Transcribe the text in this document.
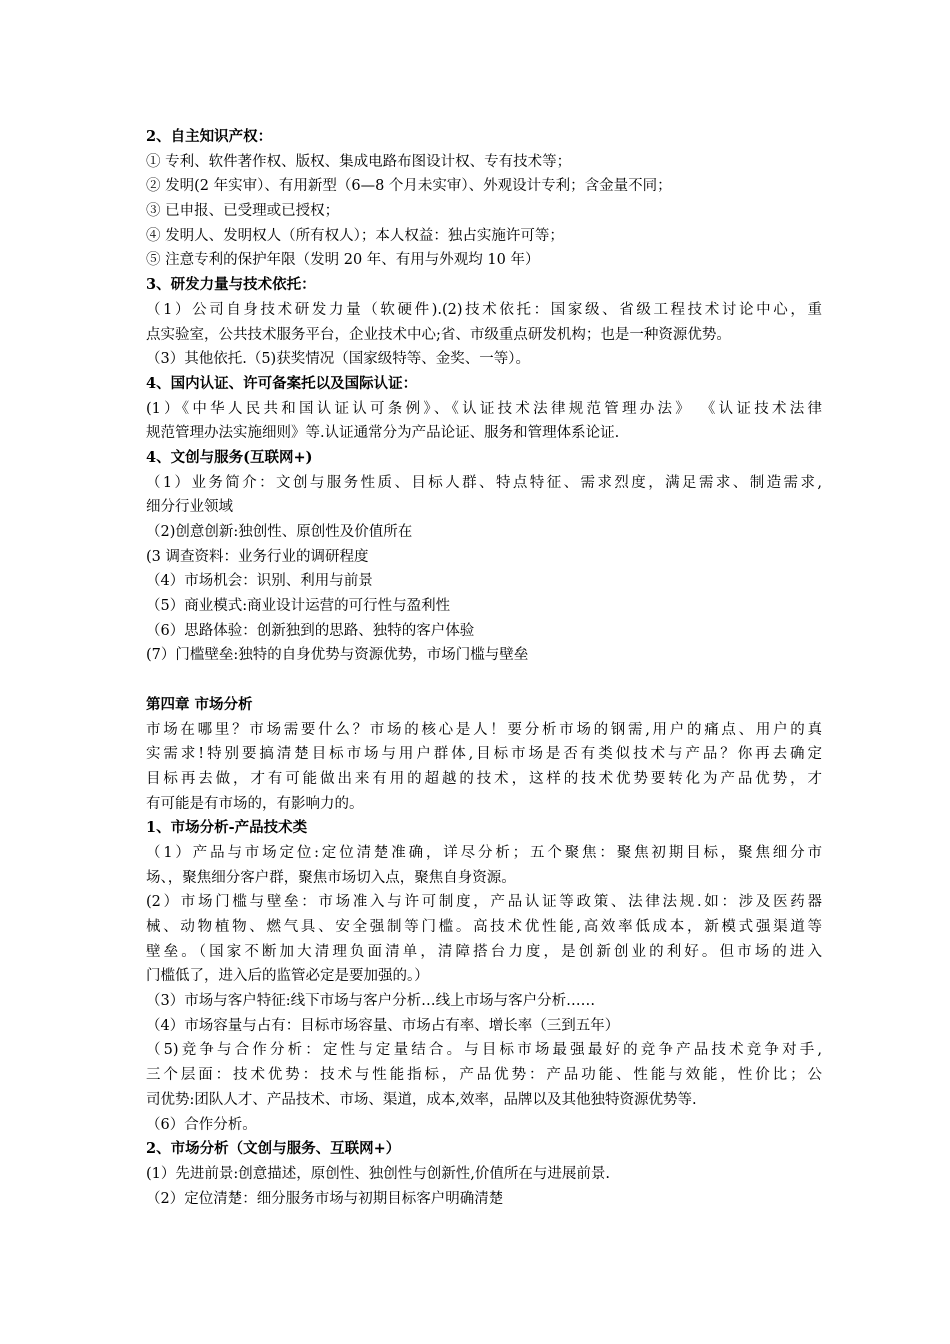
2、自主知识产权：
① 专利、软件著作权、版权、集成电路布图设计权、专有技术等；
② 发明(2 年实审）、有用新型（6—8 个月未实审）、外观设计专利；含金量不同；
③ 已申报、已受理或已授权；
④ 发明人、发明权人（所有权人）；本人权益：独占实施许可等；
⑤ 注意专利的保护年限（发明 20 年、有用与外观均 10 年）
3、研发力量与技术依托：
（1）公司自身技术研发力量（软硬件).(2)技术依托：国家级、省级工程技术讨论中心，重
点实验室，公共技术服务平台，企业技术中心;省、市级重点研发机构；也是一种资源优势。
（3）其他依托.（5)获奖情况（国家级特等、金奖、一等）。
4、国内认证、许可备案托以及国际认证：
(1）《中华人民共和国认证认可条例》、《认证技术法律规范管理办法》 《认证技术法律
规范管理办法实施细则》等.认证通常分为产品论证、服务和管理体系论证.
4、文创与服务(互联网+)
（1）业务简介：文创与服务性质、目标人群、特点特征、需求烈度，满足需求、制造需求,
细分行业领域
（2)创意创新:独创性、原创性及价值所在
(3 调查资料：业务行业的调研程度
（4）市场机会：识别、利用与前景
（5）商业模式:商业设计运营的可行性与盈利性
（6）思路体验：创新独到的思路、独特的客户体验
(7）门槛壁垒:独特的自身优势与资源优势，市场门槛与壁垒
第四章 市场分析
市场在哪里？市场需要什么？市场的核心是人！要分析市场的钢需,用户的痛点、用户的真
实需求!特别要搞清楚目标市场与用户群体,目标市场是否有类似技术与产品？你再去确定
目标再去做，才有可能做出来有用的超越的技术，这样的技术优势要转化为产品优势，才
有可能是有市场的，有影响力的。
1、市场分析-产品技术类
（1）产品与市场定位:定位清楚准确，详尽分析；五个聚焦：聚焦初期目标，聚焦细分市
场、，聚焦细分客户群，聚焦市场切入点，聚焦自身资源。
(2）市场门槛与壁垒：市场准入与许可制度，产品认证等政策、法律法规.如：涉及医药器
械、动物植物、燃气具、安全强制等门槛。高技术优性能,高效率低成本，新模式强渠道等
壁垒。（国家不断加大清理负面清单，清障搭台力度，是创新创业的利好。但市场的进入
门槛低了，进入后的监管必定是要加强的。）
（3）市场与客户特征:线下市场与客户分析…线上市场与客户分析……
（4）市场容量与占有：目标市场容量、市场占有率、增长率（三到五年）
（5)竞争与合作分析：定性与定量结合。与目标市场最强最好的竞争产品技术竞争对手,
三个层面：技术优势：技术与性能指标，产品优势：产品功能、性能与效能，性价比；公
司优势:团队人才、产品技术、市场、渠道，成本,效率，品牌以及其他独特资源优势等.
（6）合作分析。
2、市场分析（文创与服务、互联网+）
(1）先进前景:创意描述，原创性、独创性与创新性,价值所在与进展前景.
（2）定位清楚：细分服务市场与初期目标客户明确清楚
